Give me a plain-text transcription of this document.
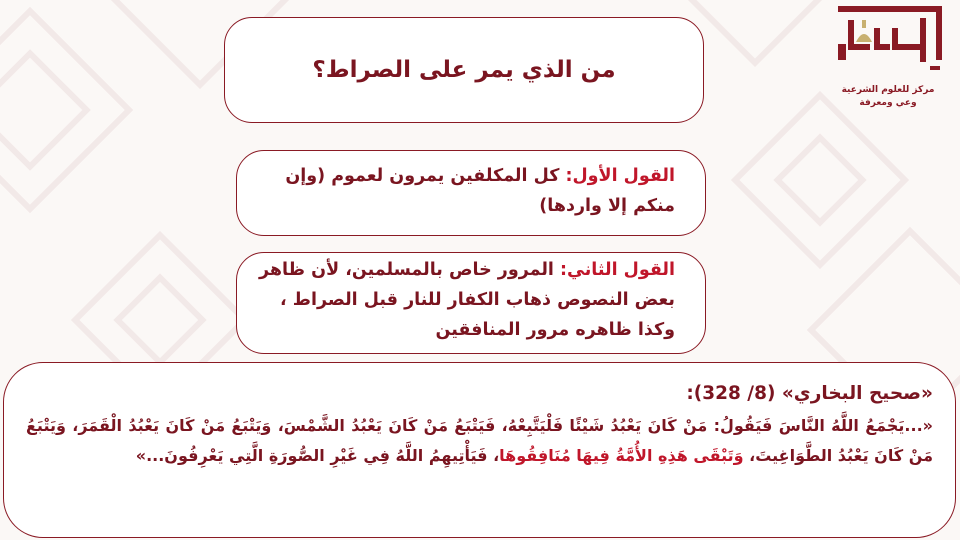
مركز للعلوم الشرعية
وعي ومعرفة
من الذي يمر على الصراط؟

القول الأول: كل المكلفين يمرون لعموم (وإن منكم إلا واردها)

القول الثاني: المرور خاص بالمسلمين، لأن ظاهر بعض النصوص ذهاب الكفار للنار قبل الصراط ، وكذا ظاهره مرور المنافقين

«صحيح البخاري» (8/ 328):

«...يَجْمَعُ اللَّهُ النَّاسَ فَيَقُولُ: مَنْ كَانَ يَعْبُدُ شَيْئًا فَلْيَتَّبِعْهُ، فَيَتْبَعُ مَنْ كَانَ يَعْبُدُ الشَّمْسَ، وَيَتْبَعُ مَنْ كَانَ يَعْبُدُ الْقَمَرَ، وَيَتْبَعُ مَنْ كَانَ يَعْبُدُ الطَّوَاغِيتَ، وَتَبْقَى هَذِهِ الأُمَّةُ فِيهَا مُنَافِقُوهَا، فَيَأْتِيهِمُ اللَّهُ فِي غَيْرِ الصُّورَةِ الَّتِي يَعْرِفُونَ...»
